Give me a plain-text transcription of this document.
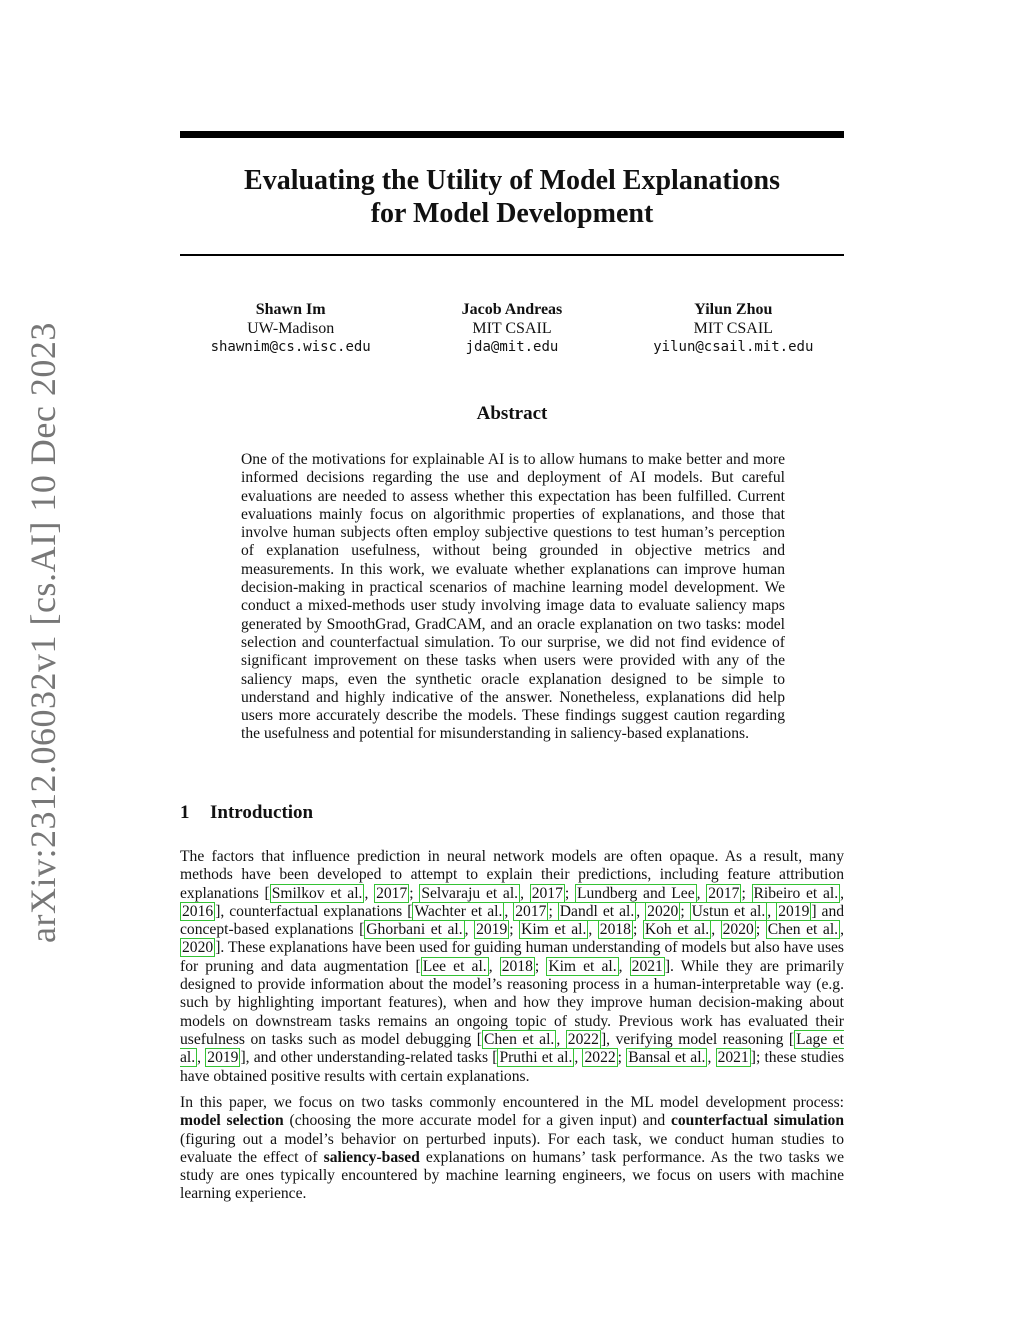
arXiv:2312.06032v1 [cs.AI] 10 Dec 2023
Evaluating the Utility of Model Explanations
for Model Development
Shawn Im
UW-Madison
shawnim@cs.wisc.edu
Jacob Andreas
MIT CSAIL
jda@mit.edu
Yilun Zhou
MIT CSAIL
yilun@csail.mit.edu
Abstract
One of the motivations for explainable AI is to allow humans to make better and more informed decisions regarding the use and deployment of AI models. But careful evaluations are needed to assess whether this expectation has been fulfilled. Current evaluations mainly focus on algorithmic properties of explanations, and those that involve human subjects often employ subjective questions to test human’s perception of explanation usefulness, without being grounded in objective metrics and measurements. In this work, we evaluate whether explanations can improve human decision-making in practical scenarios of machine learning model development. We conduct a mixed-methods user study involving image data to evaluate saliency maps generated by SmoothGrad, GradCAM, and an oracle explanation on two tasks: model selection and counterfactual simulation. To our surprise, we did not find evidence of significant improvement on these tasks when users were provided with any of the saliency maps, even the synthetic oracle explanation designed to be simple to understand and highly indicative of the answer. Nonetheless, explanations did help users more accurately describe the models. These findings suggest caution regarding the usefulness and potential for misunderstanding in saliency-based explanations.
1 Introduction
The factors that influence prediction in neural network models are often opaque. As a result, many methods have been developed to attempt to explain their predictions, including feature attribution explanations [ Smilkov et al. , 2017 ; Selvaraju et al. , 2017 ; Lundberg and Lee , 2017 ; Ribeiro et al. , 2016 ], counterfactual explanations [ Wachter et al. , 2017 ; Dandl et al. , 2020 ; Ustun et al. , 2019 ] and concept-based explanations [ Ghorbani et al. , 2019 ; Kim et al. , 2018 ; Koh et al. , 2020 ; Chen et al. , 2020 ]. These explanations have been used for guiding human understanding of models but also have uses for pruning and data augmentation [ Lee et al. , 2018 ; Kim et al. , 2021 ]. While they are primarily designed to provide information about the model’s reasoning process in a human-interpretable way (e.g. such by highlighting important features), when and how they improve human decision-making about models on downstream tasks remains an ongoing topic of study. Previous work has evaluated their usefulness on tasks such as model debugging [ Chen et al. , 2022 ], verifying model reasoning [ Lage et al. , 2019 ], and other understanding-related tasks [ Pruthi et al. , 2022 ; Bansal et al. , 2021 ]; these studies have obtained positive results with certain explanations.
In this paper, we focus on two tasks commonly encountered in the ML model development process: model selection (choosing the more accurate model for a given input) and counterfactual simulation (figuring out a model’s behavior on perturbed inputs). For each task, we conduct human studies to evaluate the effect of saliency-based explanations on humans’ task performance. As the two tasks we study are ones typically encountered by machine learning engineers, we focus on users with machine learning experience.
